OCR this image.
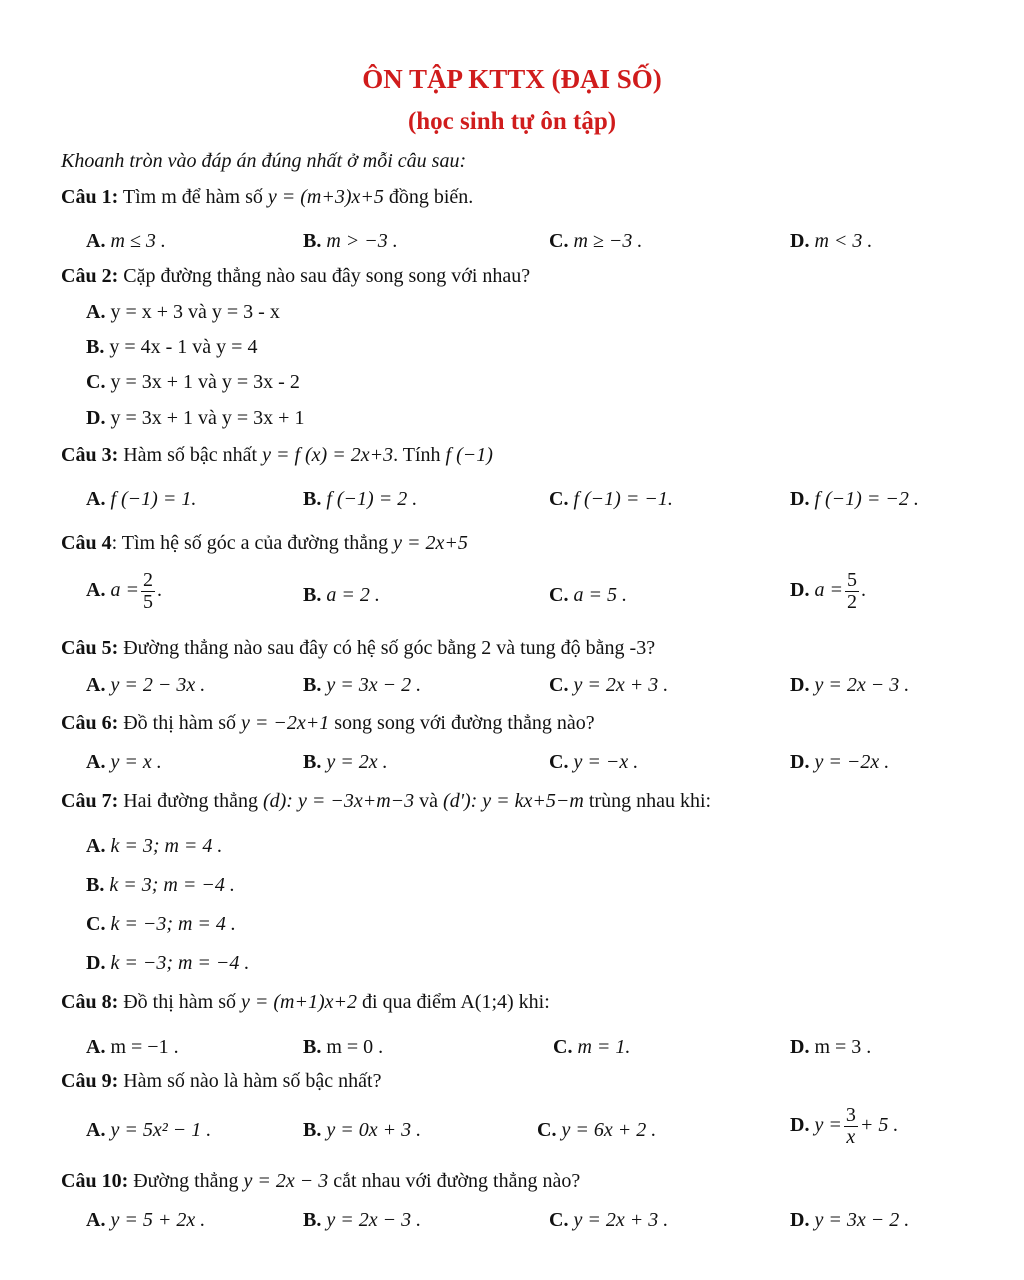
ÔN TẬP KTTX (ĐẠI SỐ)
(học sinh tự ôn tập)
Khoanh tròn vào đáp án đúng nhất ở mỗi câu sau:
Câu 1: Tìm m để hàm số y = (m+3)x+5 đồng biến.
A. m ≤ 3 .	B. m > −3 .	C. m ≥ −3 .	D. m < 3 .
Câu 2: Cặp đường thẳng nào sau đây song song với nhau?
A. y = x + 3 và y = 3 - x
B. y = 4x - 1 và y = 4
C. y = 3x + 1 và y = 3x - 2
D. y = 3x + 1 và y = 3x + 1
Câu 3: Hàm số bậc nhất y = f (x) = 2x+3. Tính f (−1)
A. f (−1) = 1.	B. f (−1) = 2 .	C. f (−1) = −1.	D. f (−1) = −2 .
Câu 4: Tìm hệ số góc a của đường thẳng y = 2x+5
A. $a = \frac{2}{5}$ .	B. a = 2 .	C. a = 5 .	D. $a = \frac{5}{2}$ .
Câu 5: Đường thẳng nào sau đây có hệ số góc bằng 2 và tung độ bằng -3?
A. y = 2 − 3x .	B. y = 3x − 2 .	C. y = 2x + 3 .	D. y = 2x − 3 .
Câu 6: Đồ thị hàm số y = −2x+1 song song với đường thẳng nào?
A. y = x .	B. y = 2x .	C. y = −x .	D. y = −2x .
Câu 7: Hai đường thẳng (d): y = −3x+m−3 và (d'): y = kx+5−m trùng nhau khi:
A. k = 3; m = 4 .
B. k = 3; m = −4 .
C. k = −3; m = 4 .
D. k = −3; m = −4 .
Câu 8: Đồ thị hàm số y = (m+1)x+2 đi qua điểm A(1;4) khi:
A. m = −1 .	B. m = 0 .	C. m = 1.	D. m = 3 .
Câu 9: Hàm số nào là hàm số bậc nhất?
A. y = 5x² − 1 .	B. y = 0x + 3 .	C. y = 6x + 2 .	D. $y = \frac{3}{x} + 5$ .
Câu 10: Đường thẳng y = 2x − 3 cắt nhau với đường thẳng nào?
A. y = 5 + 2x .	B. y = 2x − 3 .	C. y = 2x + 3 .	D. y = 3x − 2 .
